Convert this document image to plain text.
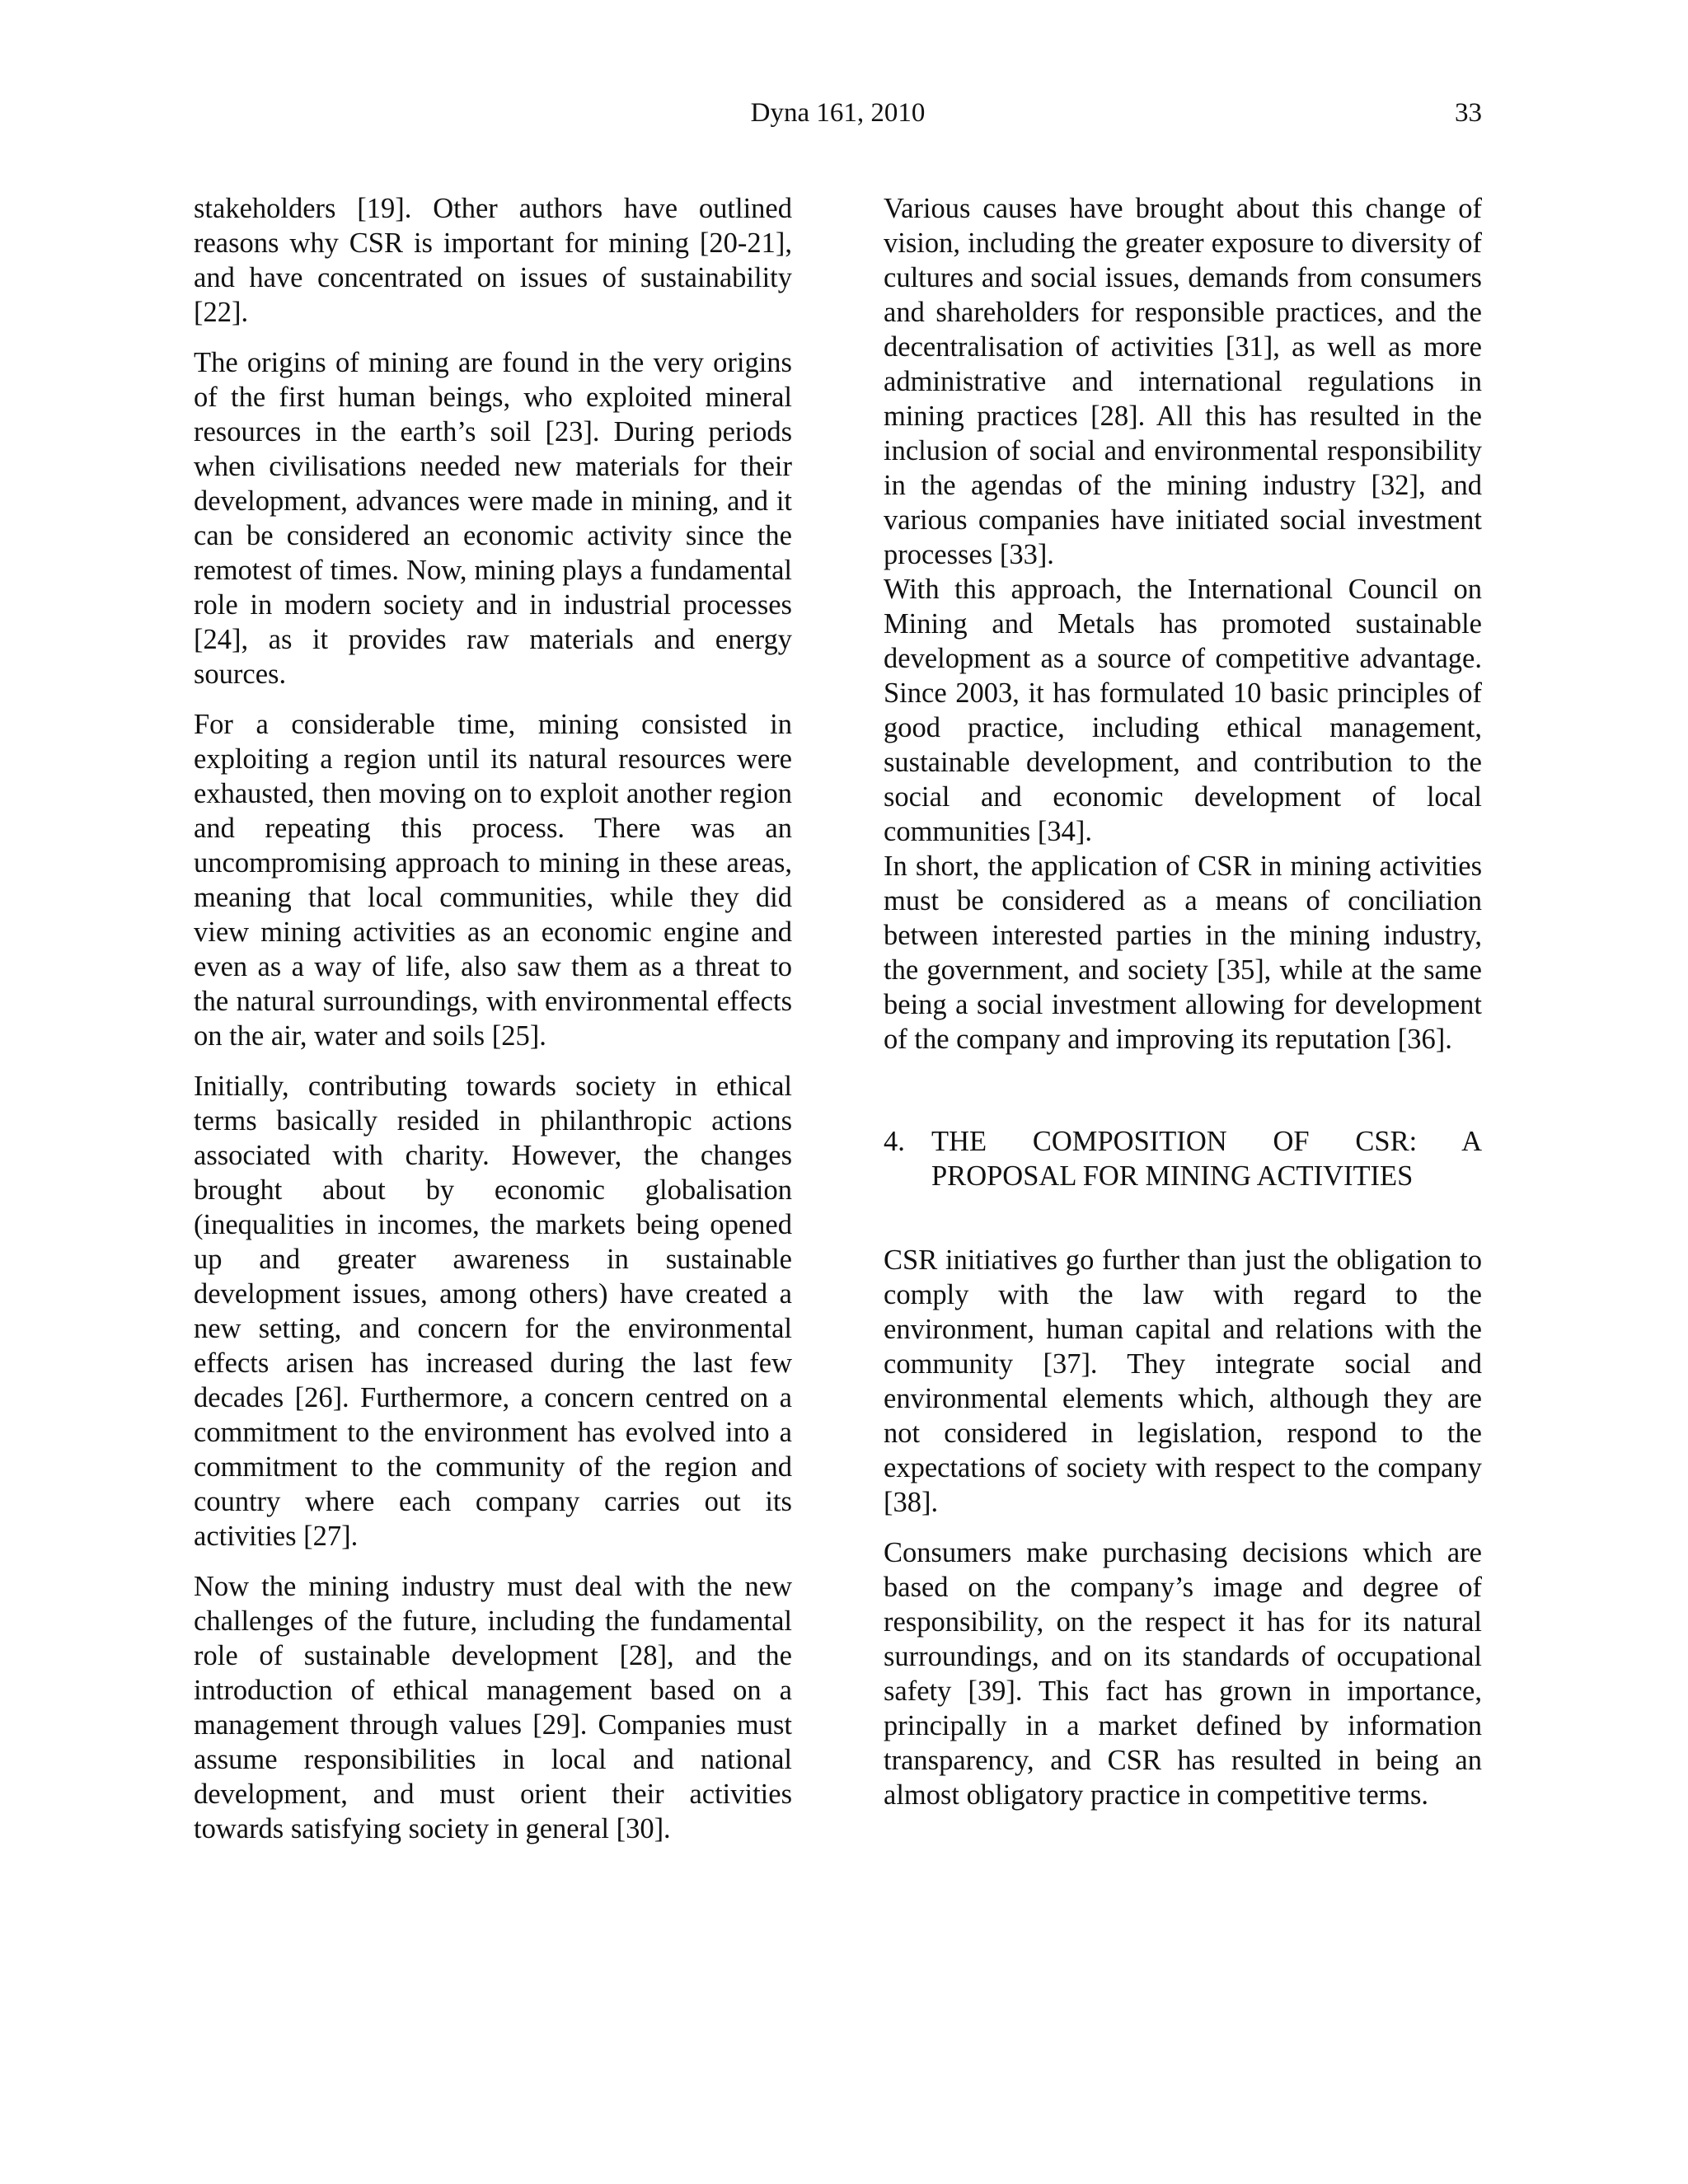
Dyna 161, 2010	33

stakeholders [19]. Other authors have outlined reasons why CSR is important for mining [20-21], and have concentrated on issues of sustainability [22].

The origins of mining are found in the very origins of the first human beings, who exploited mineral resources in the earth’s soil [23]. During periods when civilisations needed new materials for their development, advances were made in mining, and it can be considered an economic activity since the remotest of times. Now, mining plays a fundamental role in modern society and in industrial processes [24], as it provides raw materials and energy sources.

For a considerable time, mining consisted in exploiting a region until its natural resources were exhausted, then moving on to exploit another region and repeating this process. There was an uncompromising approach to mining in these areas, meaning that local communities, while they did view mining activities as an economic engine and even as a way of life, also saw them as a threat to the natural surroundings, with environmental effects on the air, water and soils [25].

Initially, contributing towards society in ethical terms basically resided in philanthropic actions associated with charity. However, the changes brought about by economic globalisation (inequalities in incomes, the markets being opened up and greater awareness in sustainable development issues, among others) have created a new setting, and concern for the environmental effects arisen has increased during the last few decades [26]. Furthermore, a concern centred on a commitment to the environment has evolved into a commitment to the community of the region and country where each company carries out its activities [27].

Now the mining industry must deal with the new challenges of the future, including the fundamental role of sustainable development [28], and the introduction of ethical management based on a management through values [29]. Companies must assume responsibilities in local and national development, and must orient their activities towards satisfying society in general [30].

Various causes have brought about this change of vision, including the greater exposure to diversity of cultures and social issues, demands from consumers and shareholders for responsible practices, and the decentralisation of activities [31], as well as more administrative and international regulations in mining practices [28]. All this has resulted in the inclusion of social and environmental responsibility in the agendas of the mining industry [32], and various companies have initiated social investment processes [33].

With this approach, the International Council on Mining and Metals has promoted sustainable development as a source of competitive advantage. Since 2003, it has formulated 10 basic principles of good practice, including ethical management, sustainable development, and contribution to the social and economic development of local communities [34].

In short, the application of CSR in mining activities must be considered as a means of conciliation between interested parties in the mining industry, the government, and society [35], while at the same being a social investment allowing for development of the company and improving its reputation [36].

4. THE COMPOSITION OF CSR: A
PROPOSAL FOR MINING ACTIVITIES

CSR initiatives go further than just the obligation to comply with the law with regard to the environment, human capital and relations with the community [37]. They integrate social and environmental elements which, although they are not considered in legislation, respond to the expectations of society with respect to the company [38].

Consumers make purchasing decisions which are based on the company’s image and degree of responsibility, on the respect it has for its natural surroundings, and on its standards of occupational safety [39]. This fact has grown in importance, principally in a market defined by information transparency, and CSR has resulted in being an almost obligatory practice in competitive terms.
